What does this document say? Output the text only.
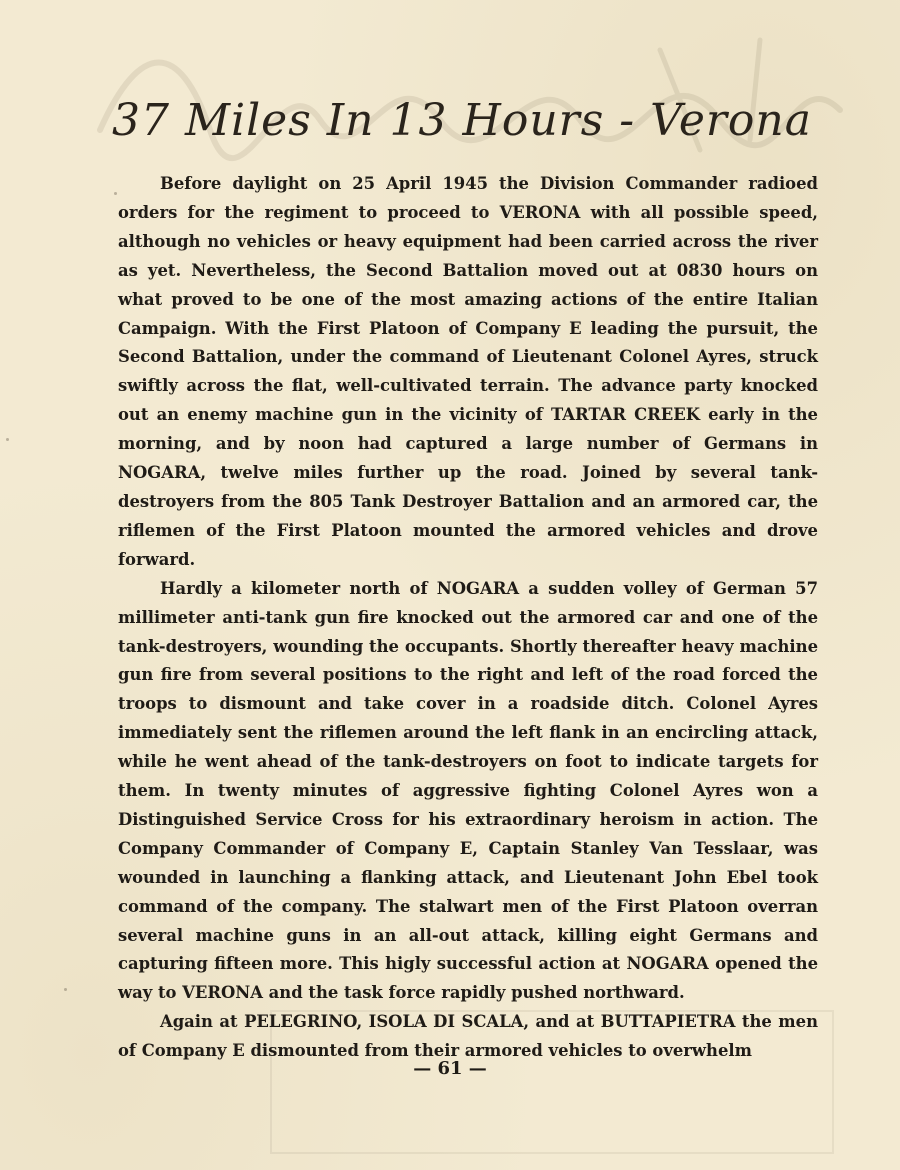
37 Miles In 13 Hours - Verona

Before daylight on 25 April 1945 the Division Commander radioed orders for the regiment to proceed to VERONA with all possible speed, although no vehicles or heavy equipment had been carried across the river as yet. Nevertheless, the Second Battalion moved out at 0830 hours on what proved to be one of the most amazing actions of the entire Italian Campaign. With the First Platoon of Company E leading the pursuit, the Second Battalion, under the command of Lieutenant Colonel Ayres, struck swiftly across the flat, well-cultivated terrain. The advance party knocked out an enemy machine gun in the vicinity of TARTAR CREEK early in the morning, and by noon had captured a large number of Germans in NOGARA, twelve miles further up the road. Joined by several tank-destroyers from the 805 Tank Destroyer Battalion and an armored car, the riflemen of the First Platoon mounted the armored vehicles and drove forward.

Hardly a kilometer north of NOGARA a sudden volley of German 57 millimeter anti-tank gun fire knocked out the armored car and one of the tank-destroyers, wounding the occupants. Shortly thereafter heavy machine gun fire from several positions to the right and left of the road forced the troops to dismount and take cover in a roadside ditch. Colonel Ayres immediately sent the riflemen around the left flank in an encircling attack, while he went ahead of the tank-destroyers on foot to indicate targets for them. In twenty minutes of aggressive fighting Colonel Ayres won a Distinguished Service Cross for his extraordinary heroism in action. The Company Commander of Company E, Captain Stanley Van Tesslaar, was wounded in launching a flanking attack, and Lieutenant John Ebel took command of the company. The stalwart men of the First Platoon overran several machine guns in an all-out attack, killing eight Germans and capturing fifteen more. This higly successful action at NOGARA opened the way to VERONA and the task force rapidly pushed northward.

Again at PELEGRINO, ISOLA DI SCALA, and at BUTTAPIETRA the men of Company E dismounted from their armored vehicles to overwhelm

— 61 —
